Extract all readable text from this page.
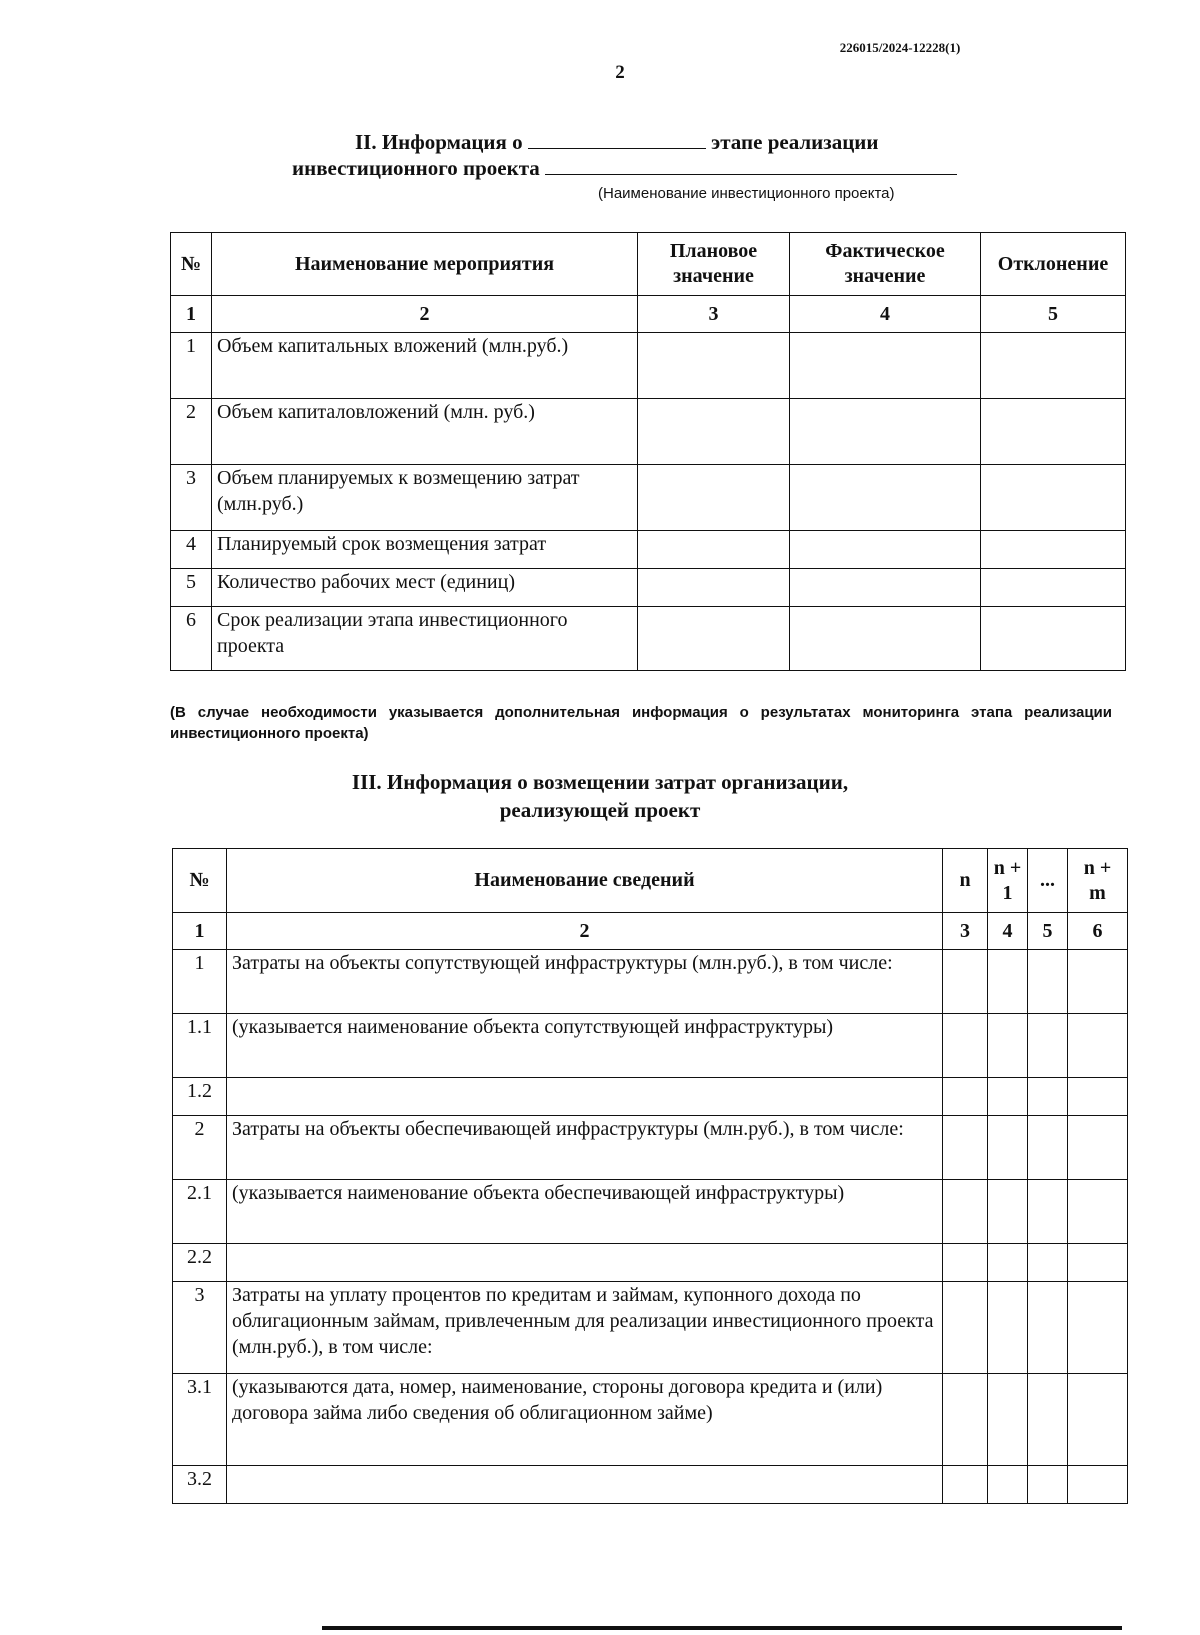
226015/2024-12228(1)
2
II. Информация о	этапе реализации
инвестиционного проекта
(Наименование инвестиционного проекта)
№	Наименование мероприятия	Плановое значение	Фактическое значение	Отклонение
1	2	3	4	5
1	Объем капитальных вложений (млн.руб.)			
2	Объем капиталовложений (млн. руб.)			
3	Объем планируемых к возмещению затрат (млн.руб.)			
4	Планируемый срок возмещения затрат			
5	Количество рабочих мест (единиц)			
6	Срок реализации этапа инвестиционного проекта			
(В случае необходимости указывается дополнительная информация о результатах мониторинга этапа реализации инвестиционного проекта)
III. Информация о возмещении затрат организации,
реализующей проект
№	Наименование сведений	n	n + 1	...	n + m
1	2	3	4	5	6
1	Затраты на объекты сопутствующей инфраструктуры (млн.руб.), в том числе:				
1.1	(указывается наименование объекта сопутствующей инфраструктуры)				
1.2					
2	Затраты на объекты обеспечивающей инфраструктуры (млн.руб.), в том числе:				
2.1	(указывается наименование объекта обеспечивающей инфраструктуры)				
2.2					
3	Затраты на уплату процентов по кредитам и займам, купонного дохода по облигационным займам, привлеченным для реализации инвестиционного проекта (млн.руб.), в том числе:				
3.1	(указываются дата, номер, наименование, стороны договора кредита и (или) договора займа либо сведения об облигационном займе)				
3.2					
